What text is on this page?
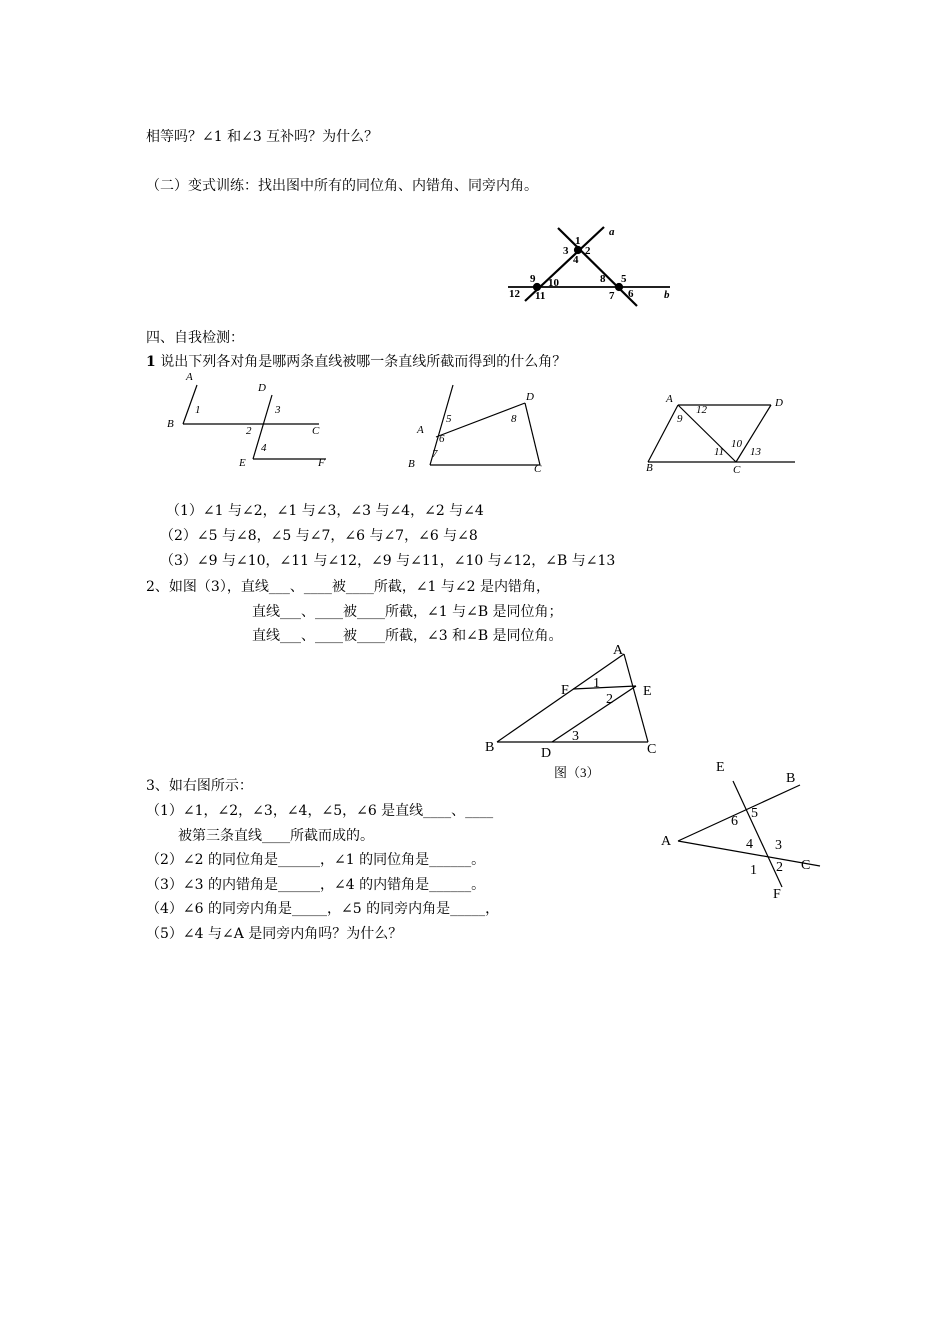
相等吗？∠1 和∠3 互补吗？为什么？
（二）变式训练：找出图中所有的同位角、内错角、同旁内角。
四、自我检测：
1 说出下列各对角是哪两条直线被哪一条直线所截而得到的什么角？
（1）∠1 与∠2，∠1 与∠3，∠3 与∠4，∠2 与∠4
（2）∠5 与∠8，∠5 与∠7，∠6 与∠7，∠6 与∠8
（3）∠9 与∠10，∠11 与∠12，∠9 与∠11，∠10 与∠12，∠B 与∠13
2、如图（3），直线___、____被____所截，∠1 与∠2 是内错角，
直线___、____被____所截，∠1 与∠B 是同位角；
直线___、____被____所截，∠3 和∠B 是同位角。
3、如右图所示：
（1）∠1，∠2，∠3，∠4，∠5，∠6 是直线____、____
被第三条直线____所截而成的。
（2）∠2 的同位角是______，∠1 的同位角是______。
（3）∠3 的内错角是______，∠4 的内错角是______。
（4）∠6 的同旁内角是_____，∠5 的同旁内角是_____，
（5）∠4 与∠A 是同旁内角吗？为什么？
a
b
1
2
3
4
5
6
7
8
9 10
11
12
A
B
C
D
E	F
1
2
3
4
A
B	C
D
5
6
7
8
A
B	C
D
9
10
11
12
13
A
B	C
D
E
F 1
2
3
图（3）
A
B
C
E
F
1 2
3
4
5
6
